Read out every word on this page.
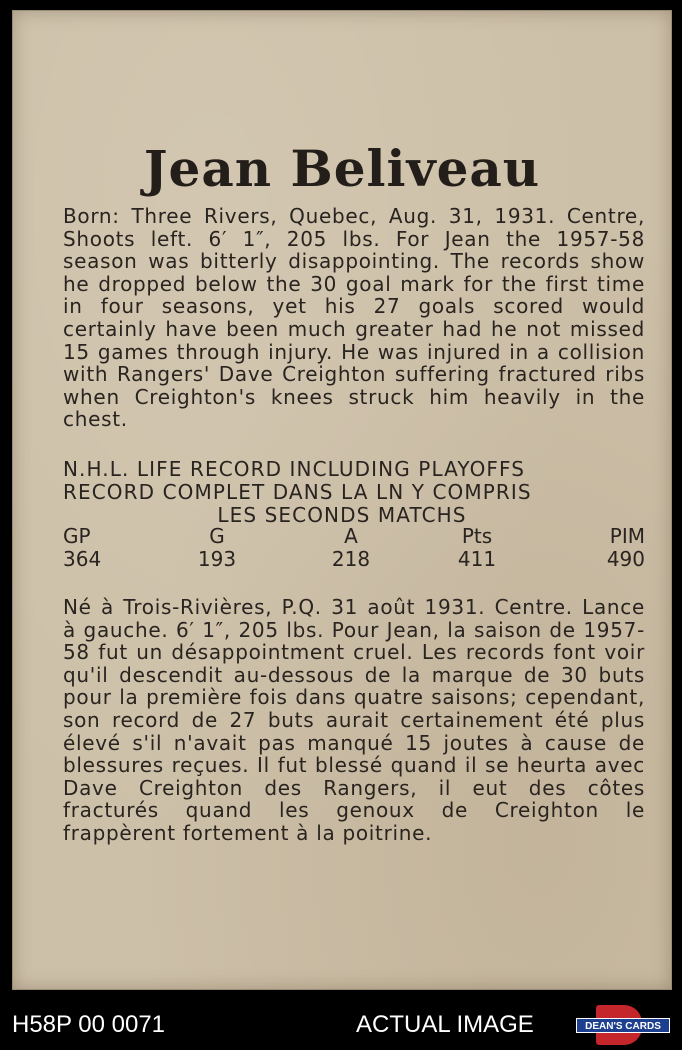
Jean Beliveau
Born: Three Rivers, Quebec, Aug. 31, 1931. Centre, Shoots left. 6′ 1″, 205 lbs. For Jean the 1957-58 season was bitterly disappointing. The records show he dropped below the 30 goal mark for the first time in four seasons, yet his 27 goals scored would certainly have been much greater had he not missed 15 games through injury. He was injured in a collision with Rangers' Dave Creighton suffering fractured ribs when Creighton's knees struck him heavily in the chest.
N.H.L. LIFE RECORD INCLUDING PLAYOFFS
RECORD COMPLET DANS LA LN Y COMPRIS
LES SECONDS MATCHS
GP
364
G
193
A
218
Pts
411
PIM
490
Né à Trois-Rivières, P.Q. 31 août 1931. Centre. Lance à gauche. 6′ 1″, 205 lbs. Pour Jean, la saison de 1957-58 fut un désappointment cruel. Les records font voir qu'il descendit au-dessous de la marque de 30 buts pour la première fois dans quatre saisons; cependant, son record de 27 buts aurait certainement été plus élevé s'il n'avait pas manqué 15 joutes à cause de blessures reçues. Il fut blessé quand il se heurta avec Dave Creighton des Rangers, il eut des côtes fracturés quand les genoux de Creighton le frappèrent fortement à la poitrine.
H58P 00 0071	ACTUAL IMAGE	DEAN'S CARDS
